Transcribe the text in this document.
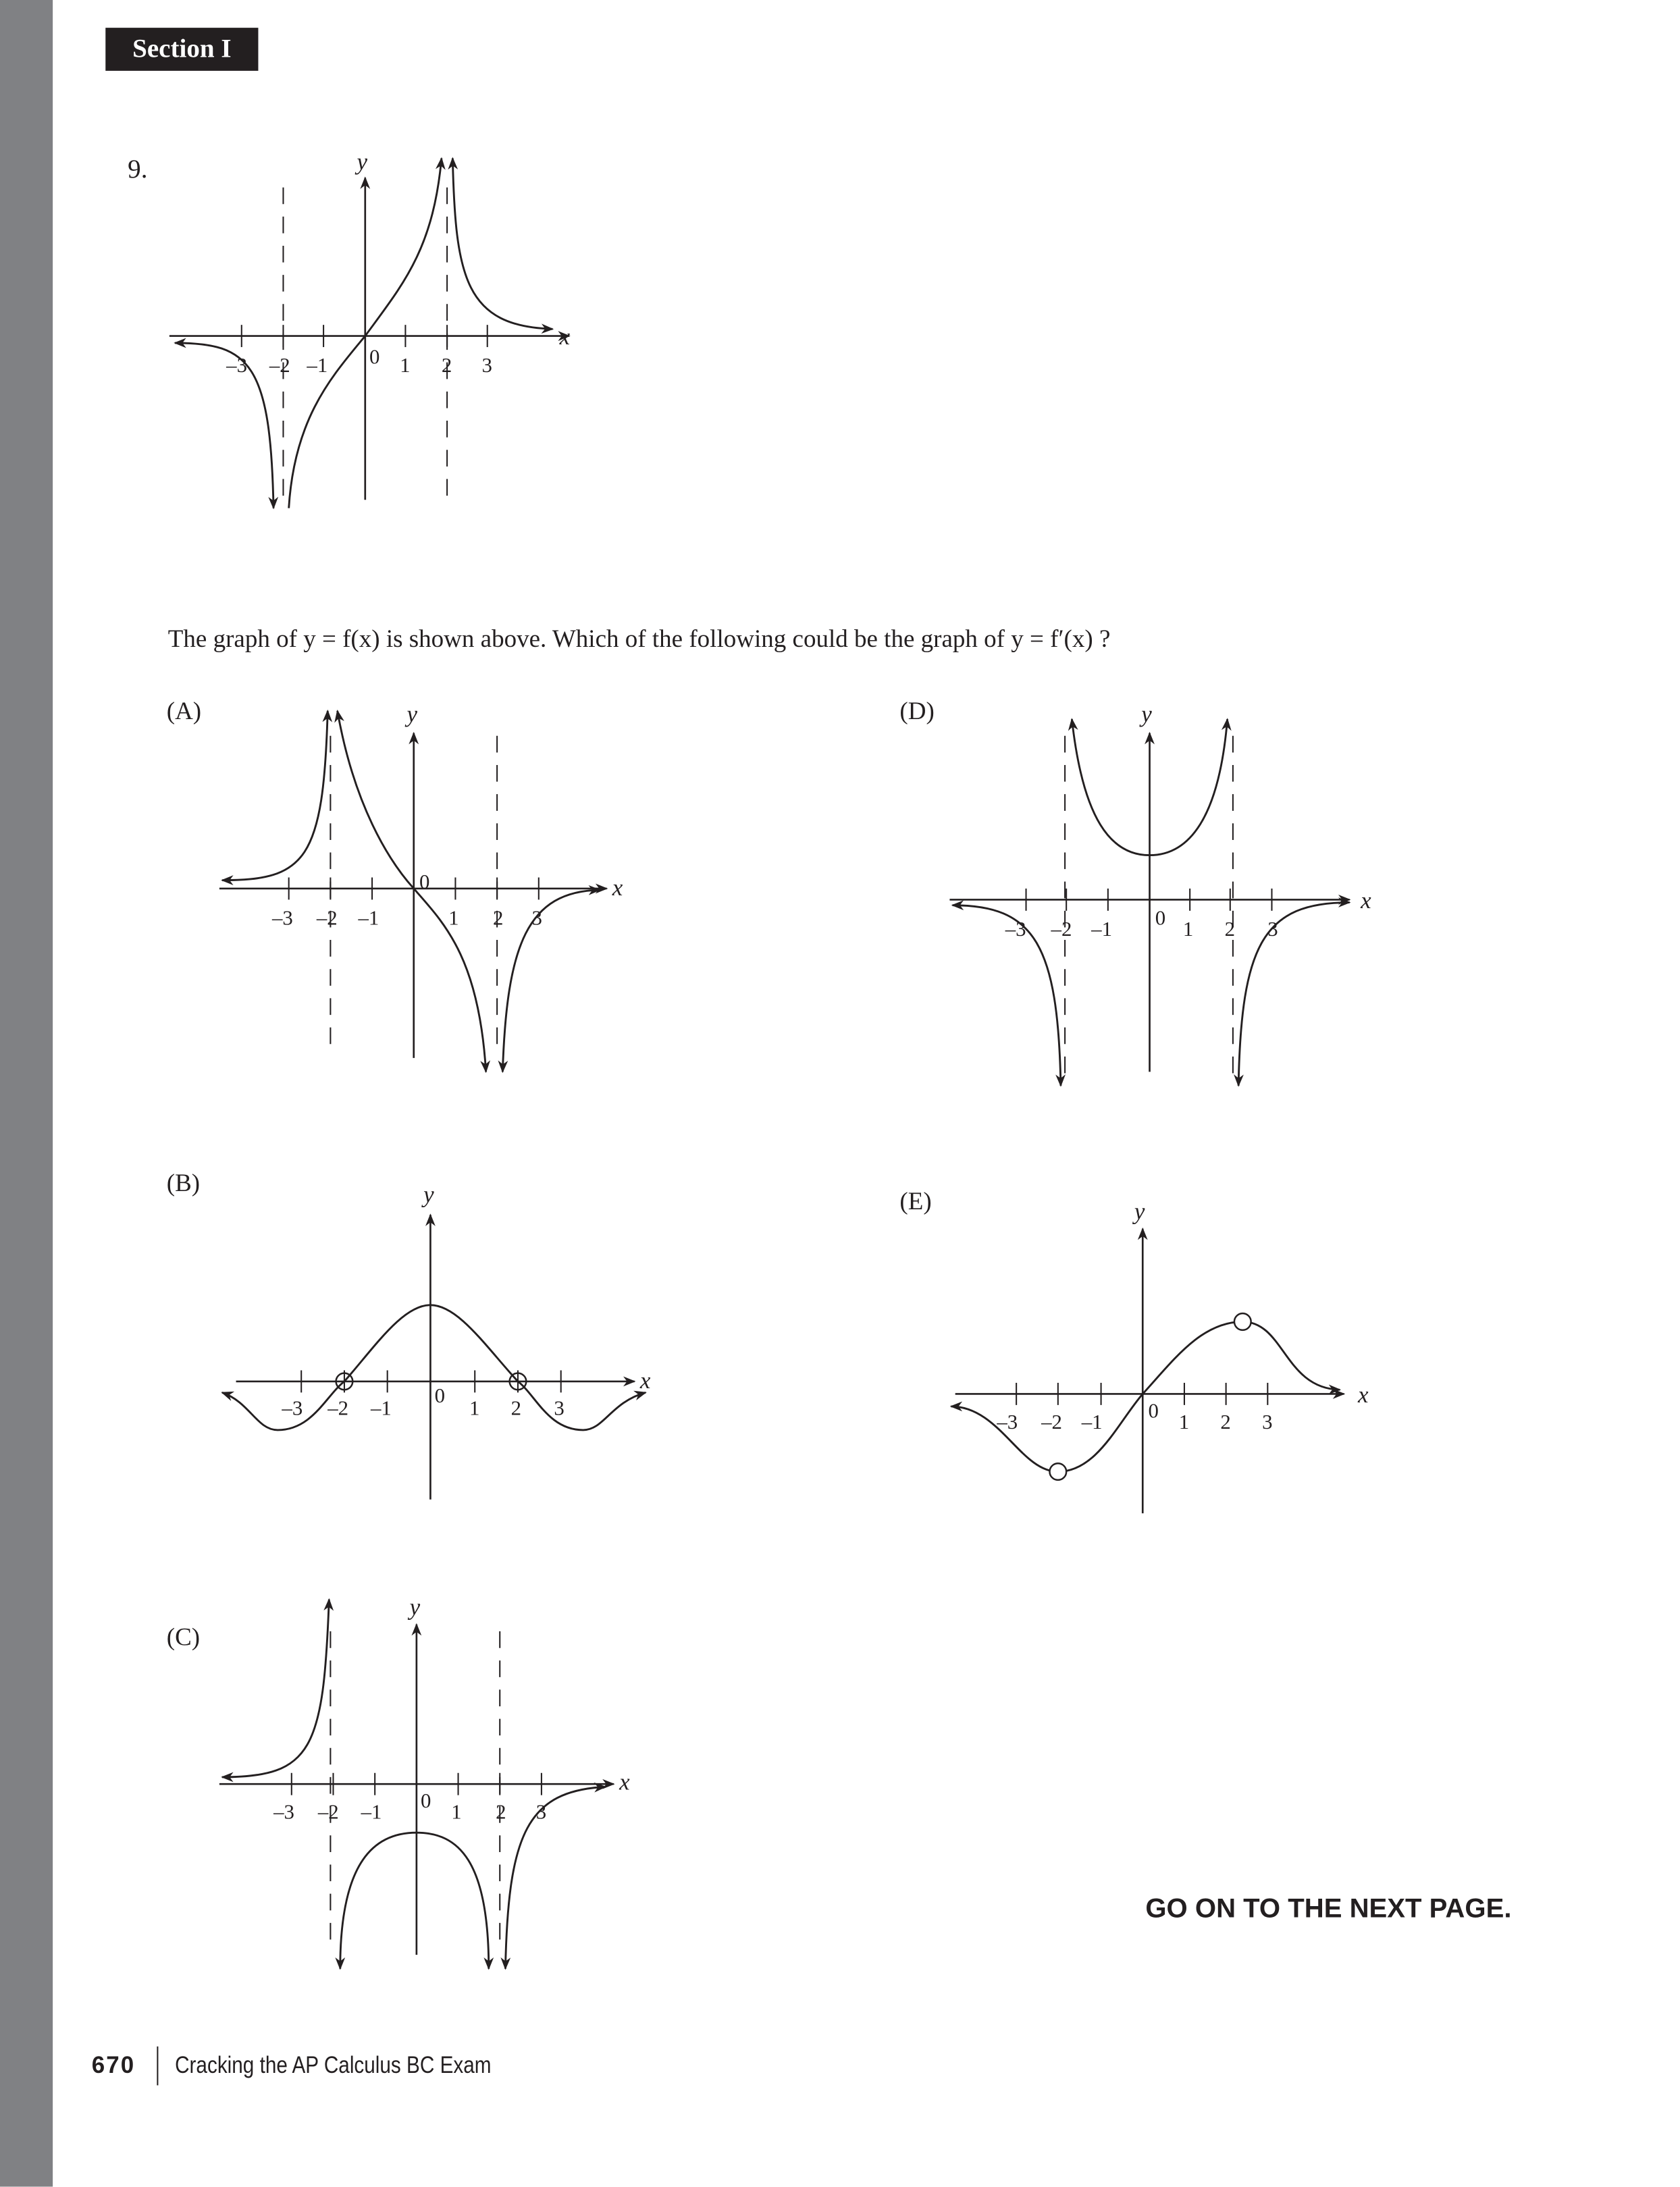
Section I
9.
The graph of y = f(x) is shown above. Which of the following could be the graph of y = f′(x) ?
(A)	(D)
(B)
(E)
(C)
–3 –2 –1	0 1	2	3
x
y
–3 –2 –1
0
1	2	3
x
y
–3 –2 –1
0
1	2	3
x
y
–3 –2 –1	0 1	2	3
x
y
–3 –2 –1	0 1	2	3
x
y
–3 –2 –1	0 1	2	3
x
y
GO ON TO THE NEXT PAGE.
670	Cracking the AP Calculus BC Exam
